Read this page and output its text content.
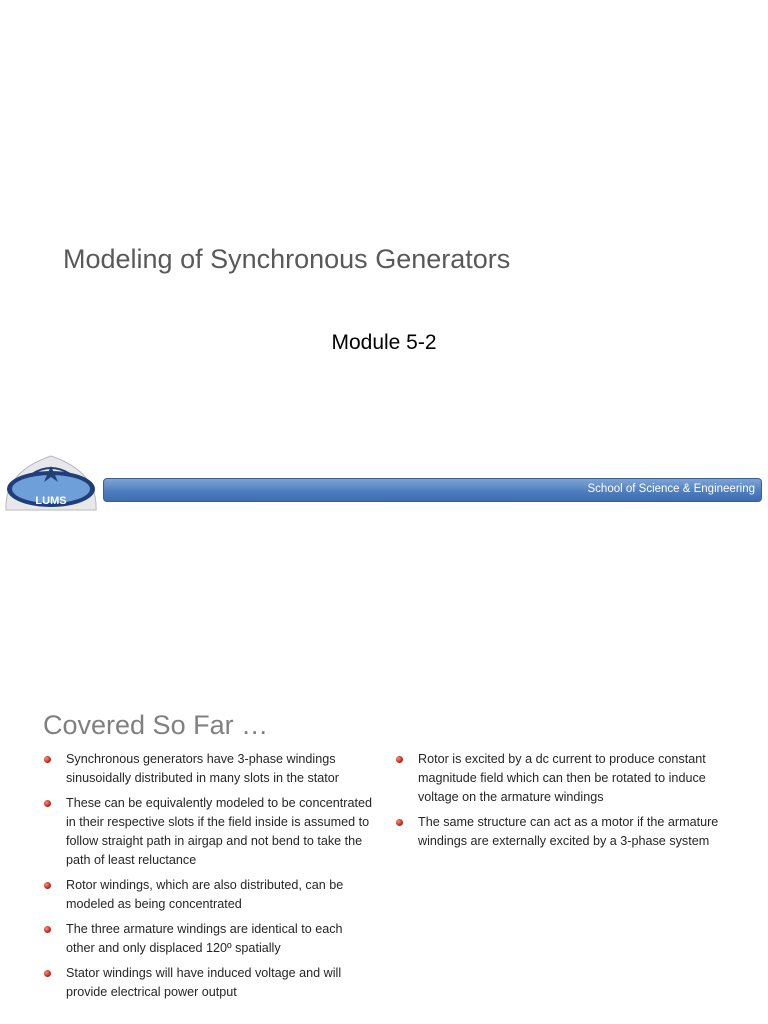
Modeling of Synchronous Generators
Module 5-2
LUMS
School of Science & Engineering
Covered So Far …
Synchronous generators have 3-phase windings sinusoidally distributed in many slots in the stator
These can be equivalently modeled to be concentrated in their respective slots if the field inside is assumed to follow straight path in airgap and not bend to take the path of least reluctance
Rotor windings, which are also distributed, can be modeled as being concentrated
The three armature windings are identical to each other and only displaced 120º spatially
Stator windings will have induced voltage and will provide electrical power output
Rotor is excited by a dc current to produce constant magnitude field which can then be rotated to induce voltage on the armature windings
The same structure can act as a motor if the armature windings are externally excited by a 3-phase system
